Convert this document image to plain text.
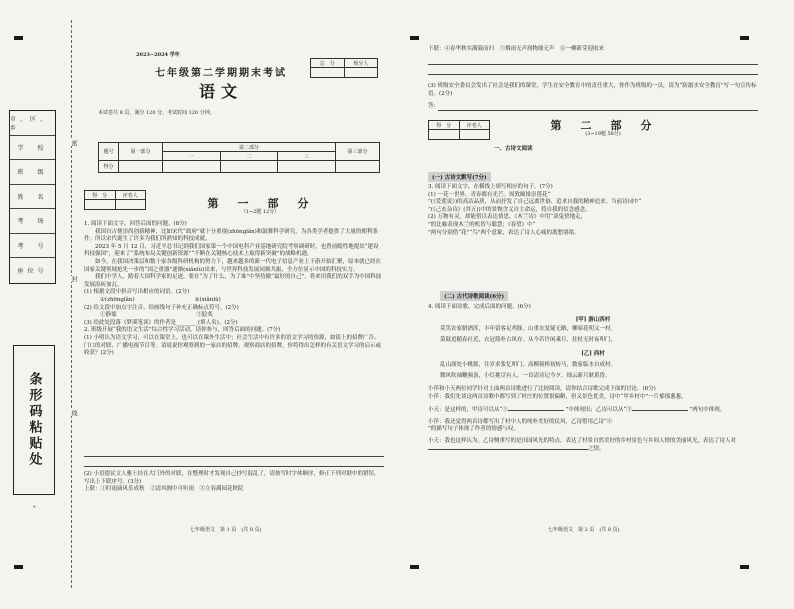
市、区、乡
学　校
班　级
姓　名
考　场
考　号
座位号
条形码粘贴处
密
封
线
*
2023~2024 学年
七年级第二学期期末考试
语文
总　分	核分人

本试卷共 8 页，满分 120 分，考试时间 120 分钟。
题号	第一部分	第二部分			第三部分
		一	二	三	
得分					
得　分	评卷人

第　一　部　分
（1~2题 12分）
1. 阅读下面文字，回答后面的问题。(8分)
　　我国自古便崇尚创新精神，比如宋代“政府”就十分重视(zhōnɡlǎn)和鼓舞科学研究，为各类学者提供了大量的便利条件。所以宋代诞生了许多为我们所熟知的科技成就。
　　2023 年 5 月 12 日，习近平总书记到我们国家第一个中国电科产业基地研究院考察调研时，也曾前瞻性地提出“建设科技强国”，迎来了“系统布局关键创新资源”“不断在关键核心技术上取得新突破”的战略机遇。
　　如今，在我国决策层和数十家各级科研机构的努力下，越来越多的新一代电子信息产业上下游开始汇聚，原本就已经在国家关键领域抢先一步的“国之重器”逐渐(xiǎnlù)出来，与世界科技发展同频共振，全方位显示中国的科技实力。
　　我们中学人，踏着大国科学家的足迹，要在“为了什么、为了谁”中坚持做“最好的自己”，将来用我们的双手为中国科技发展添砖加瓦。
(1) 根据文段中拼音写出相应的词语。(2分)
①(zhōnɡlǎn)	②(xiǎnlù)
(2) 给文段中加点字注音、给画线句子补充正确标点符号。(2分)
①静谧	②脍炙
(3) 给此处段落《梦溪笔谈》的作者是________(填人名)。(2分)
2. 班级开展“我的语文生活”综合性学习活动，请你参与，回答后面的问题。(7分)
(1) 小明认为语文学习，可以在课堂上，也可以在课外生活中；社会生活中有许多的语文学习的资源，如街上的招牌广告、门口的对联、广播电视节目等。请说说你观察到的一家店的招牌，观察商店的招牌，你将得出怎样的有关语文学习的启示或收获？(2分)
(2) 小语提议文人雅士挂在大门外的对联，在整理时才发现自己抄写混乱了，请按写时字体顺序，修正下列对联中的错误，写出上下联序号。(3分)
上联：①时雨滴风乐成秋　②清风阁中可听雨　③立春满园花秋院
七年级语文　第 1 页　(共 8 页)
下联：④春华秋实满载而归　⑤烟雨无声润物细无声　⑥一柳新芽迎雨来
(3) 班级安全委员会发出了社会是我们的课堂，学生在安全教育中的责任重大，你作为班级的一员，请为“防溺水安全教育”写一句宣传标语。(2分)
答：
得　分	评卷人
		第　二　部　分
(3~19题 58分)
一、古诗文阅读
(一) 古诗文默写(7分)
3. 阅读下面文字，在横线上填写相应的句子。(7分)
(1) 一花一世界，青春都有光芒。周敦颐推崇莲花“
”(《爱莲说》)的高洁品质，从而抒发了自己远离世俗、追求自我的精神追求。当前诗词中“
”(《己亥杂诗》(其五))中的景物含义自主命运，将自我的信念感念。
(2) 万物有灵，却能借以表达情思。《木兰诗》中用“双兔傍地走，
”的比喻表现木兰的机智与聪慧；《春望》中“
”两句分别借“花”“鸟”两个意象，表达了诗人心痛的离愁别绪。
(二) 古代诗歌阅读(6分)
4. 阅读下面诗歌，完成后面的问题。(6分)
[甲] 游山西村
莫笑农家腊酒浑，丰年留客足鸡豚。山重水复疑无路，柳暗花明又一村。
箫鼓追随春社近，衣冠简朴古风存。从今若许闲乘月，拄杖无时夜叩门。
[乙] 西村
乱山深处小桃源，往岁求浆忆叩门。高柳簇桥初转马，数家临水自成村。
微风吹袖鞭频袅，小灯挑尽有人。一首清诗记今夕，细云新月耿黄昏。
小萍和小天两位同学针对上面两首诗歌进行了比较阅读，请你结合诗歌完成下面的讨论。(6分)
小萍：我们先谈这两首诗歌中都写到了村庄的位置很偏僻，但又景色优美，诗中“甲乡村中”一片郁郁葱葱，
小天：是这样的，甲诗可以从“①	”中体现出；乙诗可以从“③	”两句中体现。
小萍：我还觉得两首诗都写出了村中人的纯朴美好的民风，乙诗借用乙诗“④
”的描写句子体现了作者的情感与叹。
小天：我也这样认为。乙诗侧重写的是田园风光的特点，表达了村景自然美好的乡村景色与乡间人情的美丽风光，表达了诗人对
之情。
七年级语文　第 2 页　(共 8 页)
